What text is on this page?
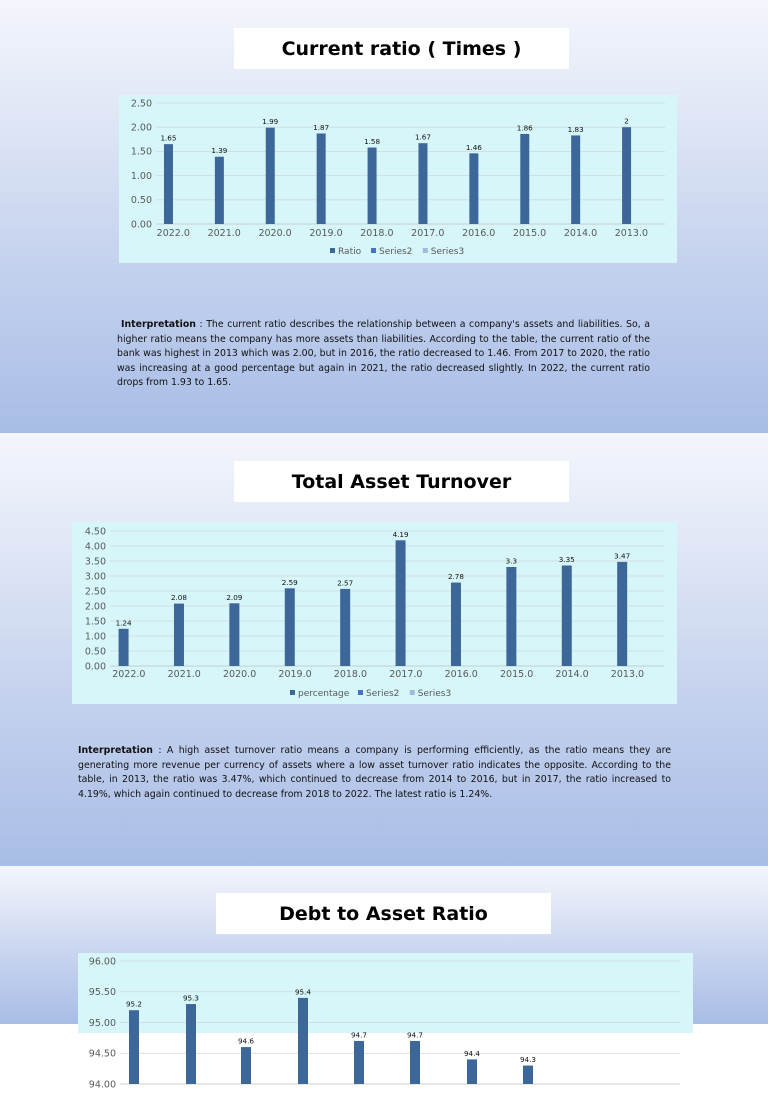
Current ratio ( Times )
0.00
0.50
1.00
1.50
2.00
2.50
1.65
1.39
1.99
1.87
1.58	1.67
1.46
1.86	1.83
2
2022.0 2021.0 2020.0 2019.0 2018.0 2017.0 2016.0 2015.0 2014.0 2013.0
Ratio Series2 Series3

Interpretation : The current ratio describes the relationship between a company's assets and liabilities. So, a higher ratio means the company has more assets than liabilities. According to the table, the current ratio of the bank was highest in 2013 which was 2.00, but in 2016, the ratio decreased to 1.46. From 2017 to 2020, the ratio was increasing at a good percentage but again in 2021, the ratio decreased slightly. In 2022, the current ratio drops from 1.93 to 1.65.

Total Asset Turnover
0.00
0.50
1.00
1.50
2.00
2.50
3.00
3.50
4.00
4.50
1.24
2.08	2.09
2.59	2.57
4.19
2.78
3.3	3.35	3.47
2022.0 2021.0 2020.0 2019.0 2018.0 2017.0 2016.0 2015.0 2014.0 2013.0
percentage Series2 Series3

Interpretation : A high asset turnover ratio means a company is performing efficiently, as the ratio means they are generating more revenue per currency of assets where a low asset turnover ratio indicates the opposite. According to the table, in 2013, the ratio was 3.47%, which continued to decrease from 2014 to 2016, but in 2017, the ratio increased to 4.19%, which again continued to decrease from 2018 to 2022. The latest ratio is 1.24%.

Debt to Asset Ratio
94.00
94.50
95.00
95.50
96.00
95.2
95.3
94.6
95.4
94.7	94.7
94.4
94.3
